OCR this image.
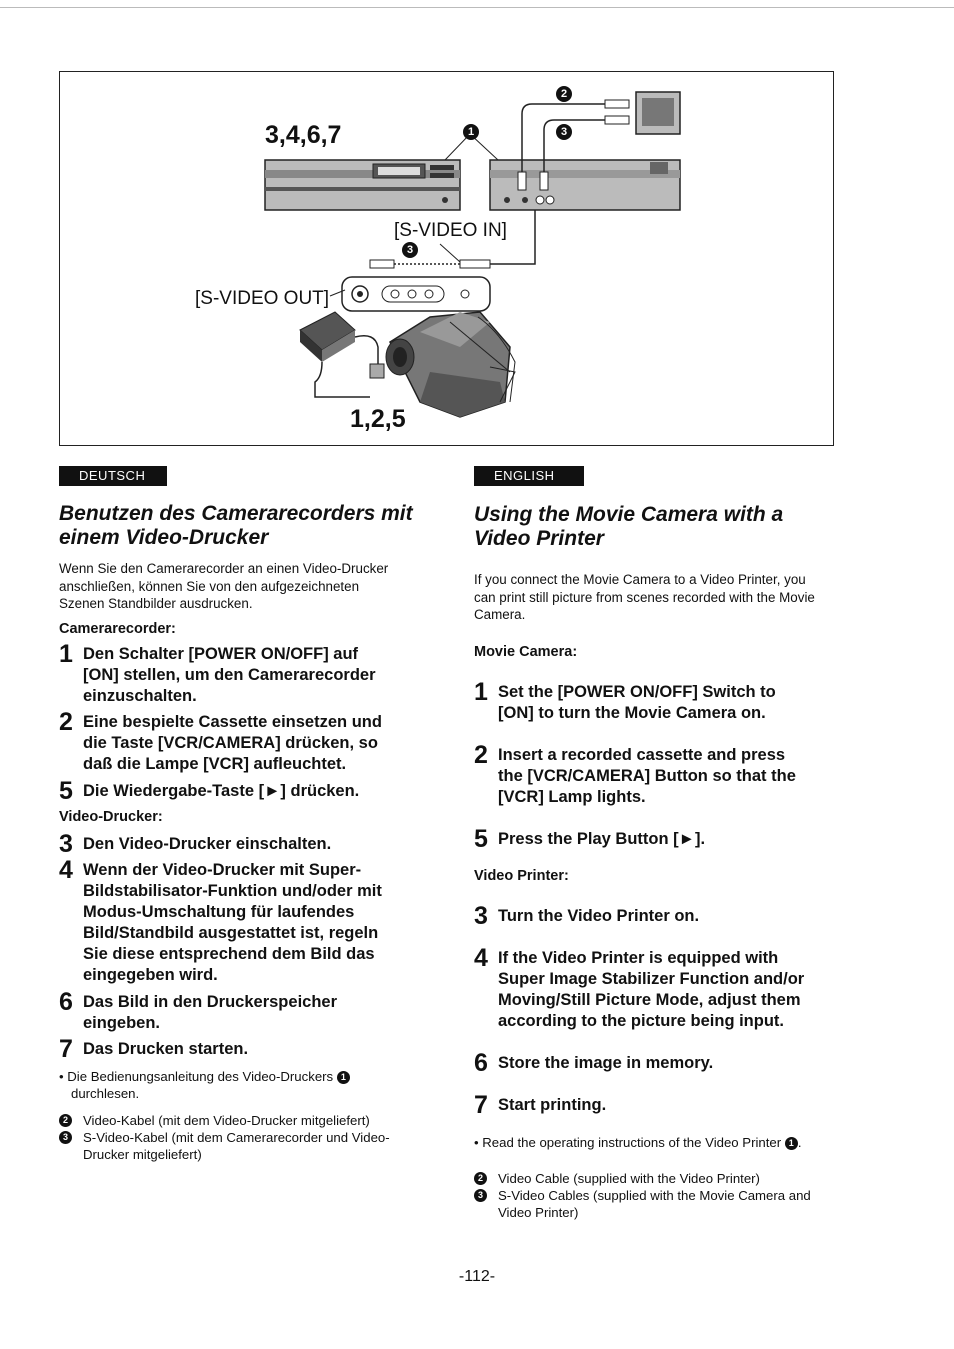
3,4,6,7
1,2,5
[S-VIDEO IN]
[S-VIDEO OUT]
1
2
3
3
DEUTSCH

Benutzen des Camerarecorders mit
einem Video-Drucker

Wenn Sie den Camerarecorder an einen Video-Drucker
anschließen, können Sie von den aufgezeichneten
Szenen Standbilder ausdrucken.

Camerarecorder:

1 Den Schalter [POWER ON/OFF] auf
[ON] stellen, um den Camerarecorder
einzuschalten.
2 Eine bespielte Cassette einsetzen und
die Taste [VCR/CAMERA] drücken, so
daß die Lampe [VCR] aufleuchtet.
5 Die Wiedergabe-Taste [►] drücken.

Video-Drucker:

3 Den Video-Drucker einschalten.
4 Wenn der Video-Drucker mit Super-
Bildstabilisator-Funktion und/oder mit
Modus-Umschaltung für laufendes
Bild/Standbild ausgestattet ist, regeln
Sie diese entsprechend dem Bild das
eingegeben wird.
6 Das Bild in den Druckerspeicher
eingeben.
7 Das Drucken starten.
• Die Bedienungsanleitung des Video-Druckers 1
durchlesen.
2	Video-Kabel (mit dem Video-Drucker mitgeliefert)
3	S-Video-Kabel (mit dem Camerarecorder und Video-
Drucker mitgeliefert)
ENGLISH

Using the Movie Camera with a
Video Printer

If you connect the Movie Camera to a Video Printer, you
can print still picture from scenes recorded with the Movie
Camera.

Movie Camera:

1 Set the [POWER ON/OFF] Switch to
[ON] to turn the Movie Camera on.
2 Insert a recorded cassette and press
the [VCR/CAMERA] Button so that the
[VCR] Lamp lights.
5 Press the Play Button [►].

Video Printer:

3 Turn the Video Printer on.
4 If the Video Printer is equipped with
Super Image Stabilizer Function and/or
Moving/Still Picture Mode, adjust them
according to the picture being input.
6 Store the image in memory.
7 Start printing.
• Read the operating instructions of the Video Printer 1 .
2	Video Cable (supplied with the Video Printer)
3	S-Video Cables (supplied with the Movie Camera and
Video Printer)
-112-
